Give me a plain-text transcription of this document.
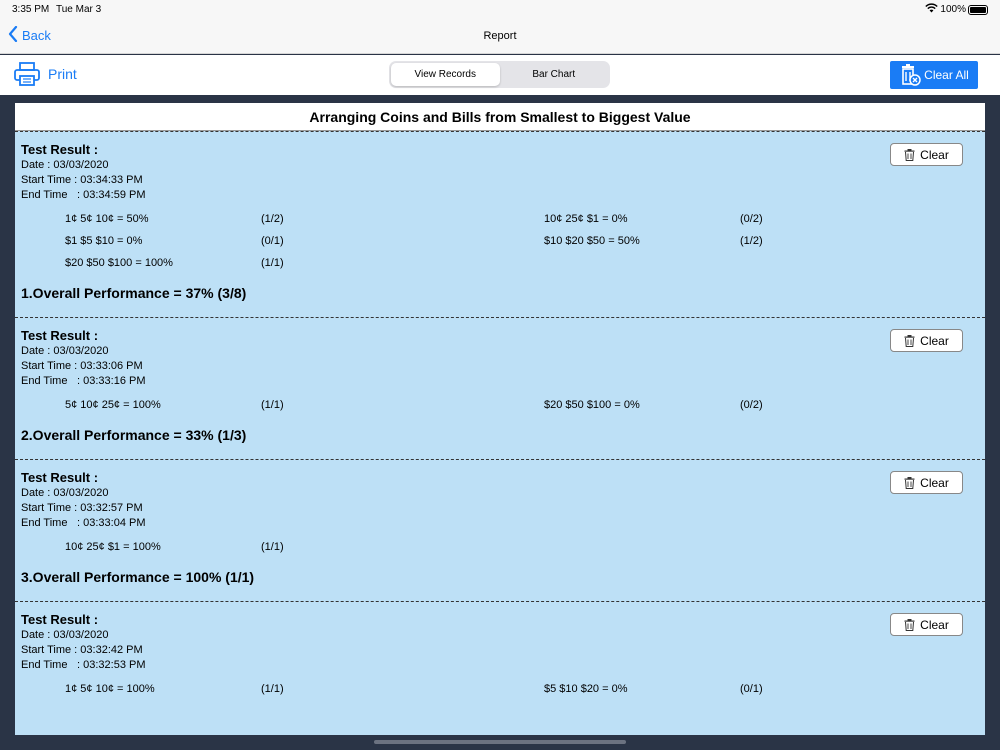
3:35 PM Tue Mar 3	100%
Back	Report
Print	View Records	Bar Chart	Clear All
Arranging Coins and Bills from Smallest to Biggest Value
Test Result :
Date : 03/03/2020
Start Time : 03:34:33 PM
End Time : 03:34:59 PM
1¢ 5¢ 10¢ = 50%	(1/2)	10¢ 25¢ $1 = 0%	(0/2)
$1 $5 $10 = 0%	(0/1)	$10 $20 $50 = 50%	(1/2)
$20 $50 $100 = 100%	(1/1)
1.Overall Performance = 37% (3/8)
Clear
Test Result :
Date : 03/03/2020
Start Time : 03:33:06 PM
End Time : 03:33:16 PM
5¢ 10¢ 25¢ = 100%	(1/1)	$20 $50 $100 = 0%	(0/2)
2.Overall Performance = 33% (1/3)
Clear
Test Result :
Date : 03/03/2020
Start Time : 03:32:57 PM
End Time : 03:33:04 PM
10¢ 25¢ $1 = 100%	(1/1)
3.Overall Performance = 100% (1/1)
Clear
Test Result :
Date : 03/03/2020
Start Time : 03:32:42 PM
End Time : 03:32:53 PM
1¢ 5¢ 10¢ = 100%	(1/1)	$5 $10 $20 = 0%	(0/1)
Clear
